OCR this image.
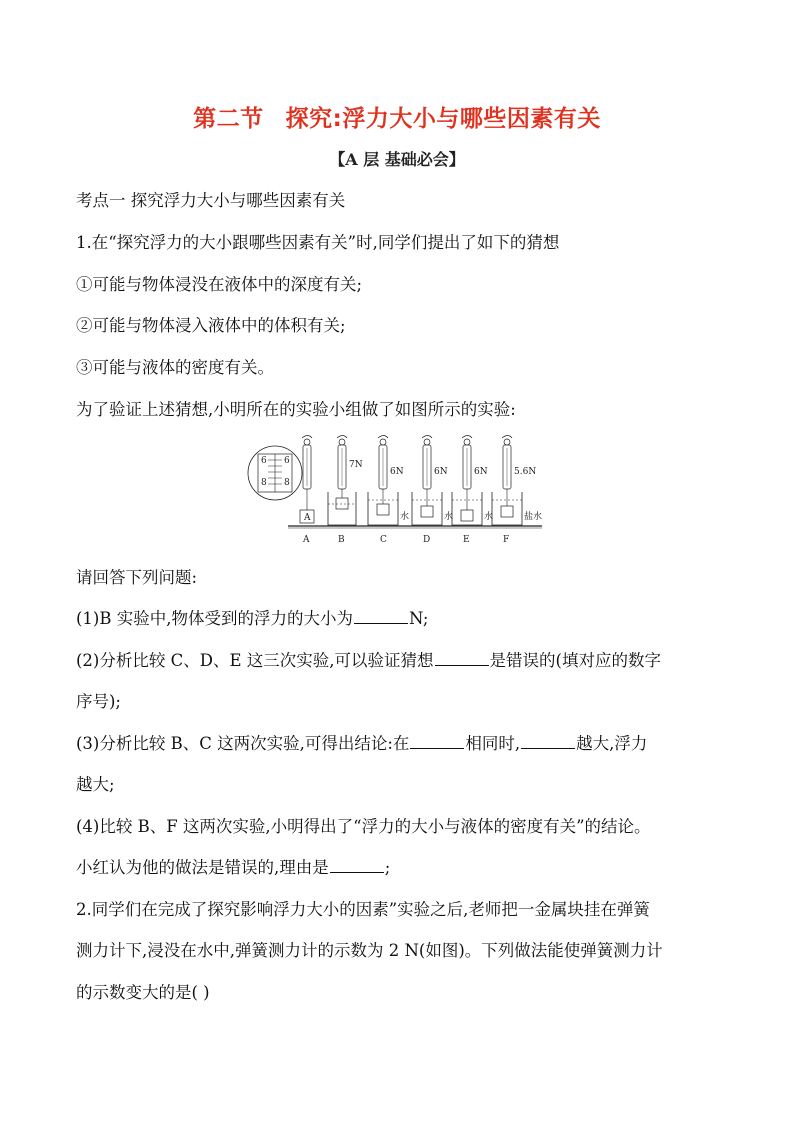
第二节 探究:浮力大小与哪些因素有关
【A 层 基础必会】
考点一 探究浮力大小与哪些因素有关
1.在“探究浮力的大小跟哪些因素有关”时,同学们提出了如下的猜想
①可能与物体浸没在液体中的深度有关;
②可能与物体浸入液体中的体积有关;
③可能与液体的密度有关。
为了验证上述猜想,小明所在的实验小组做了如图所示的实验:
6 6
8 8
A
7N
6N
水
6N
水
6N
水
5.6N
盐水
A	B	C	D	E	F
请回答下列问题:
(1)B 实验中,物体受到的浮力的大小为	N;
(2)分析比较 C、D、E 这三次实验,可以验证猜想	是错误的(填对应的数字
序号);
(3)分析比较 B、C 这两次实验,可得出结论:在	相同时,	越大,浮力
越大;
(4)比较 B、F 这两次实验,小明得出了“浮力的大小与液体的密度有关”的结论。
小红认为他的做法是错误的,理由是	;
2.同学们在完成了探究影响浮力大小的因素”实验之后,老师把一金属块挂在弹簧
测力计下,浸没在水中,弹簧测力计的示数为 2 N(如图)。下列做法能使弹簧测力计
的示数变大的是( )
